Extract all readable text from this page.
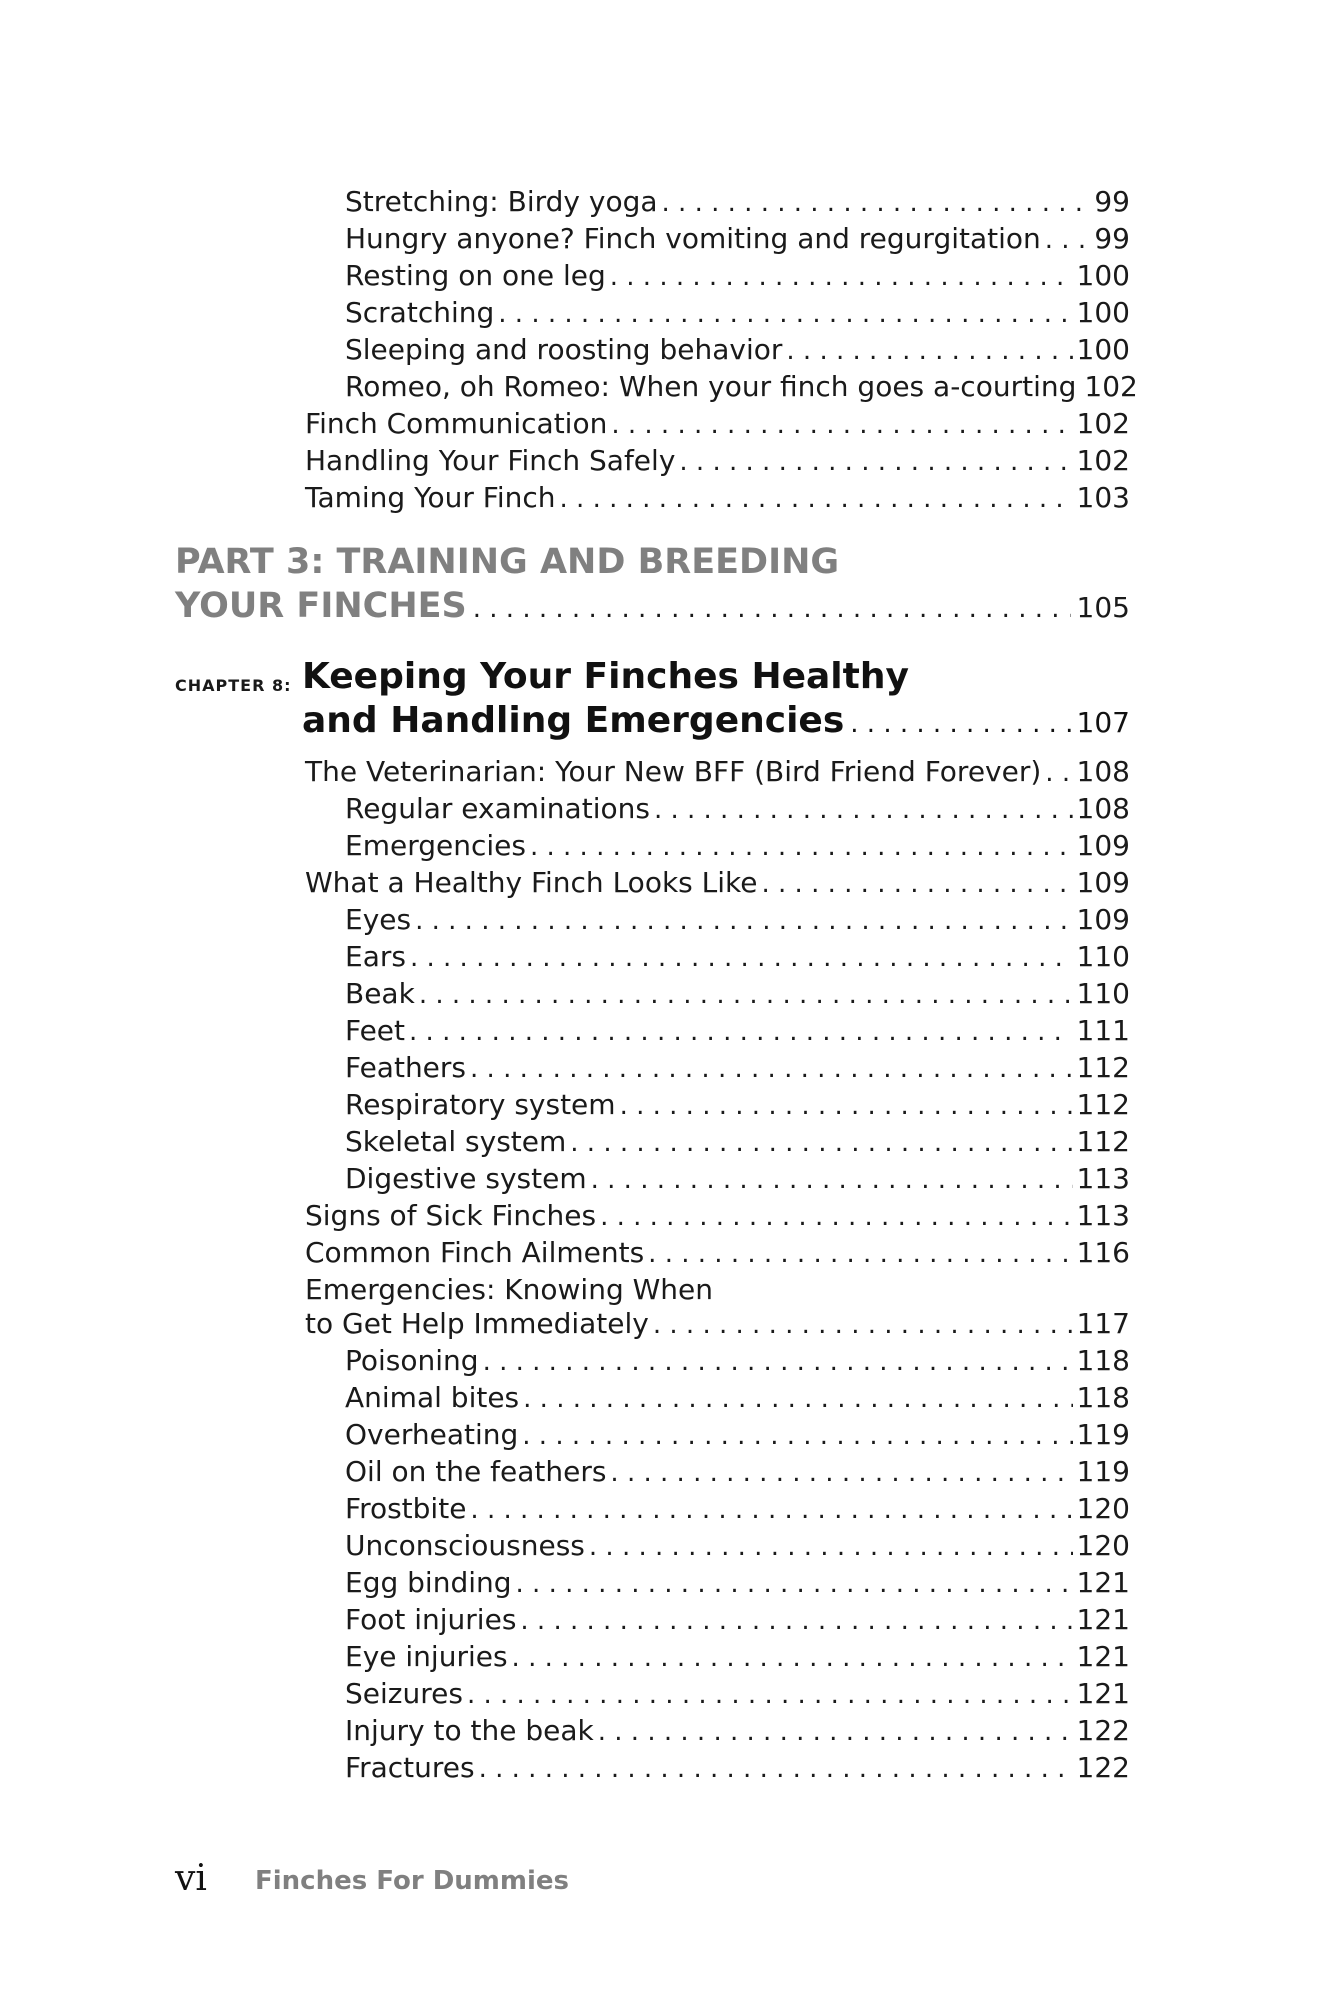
Stretching: Birdy yoga . . .	99
Hungry anyone? Finch vomiting and regurgitation . . . 99
Resting on one leg . . .	100
Scratching . . .	100
Sleeping and roosting behavior . . .	100
Romeo, oh Romeo: When your finch goes a-courting 102
Finch Communication . . .	102
Handling Your Finch Safely . . .	102
Taming Your Finch . . .	103
PART 3: TRAINING AND BREEDING
YOUR FINCHES . . .	105
CHAPTER 8: Keeping Your Finches Healthy
and Handling Emergencies . . .	107
The Veterinarian: Your New BFF (Bird Friend Forever) . . . 108
Regular examinations . . .	108
Emergencies . . .	109
What a Healthy Finch Looks Like . . .	109
Eyes . . .	109
Ears . . .	110
Beak . . .	110
Feet . . .	111
Feathers . . .	112
Respiratory system . . .	112
Skeletal system . . .	112
Digestive system . . .	113
Signs of Sick Finches . . .	113
Common Finch Ailments . . .	116
Emergencies: Knowing When
to Get Help Immediately . . .	117
Poisoning . . .	118
Animal bites . . .	118
Overheating . . .	119
Oil on the feathers . . .	119
Frostbite . . .	120
Unconsciousness . . .	120
Egg binding . . .	121
Foot injuries . . .	121
Eye injuries . . .	121
Seizures . . .	121
Injury to the beak . . .	122
Fractures . . .	122
vi Finches For Dummies
